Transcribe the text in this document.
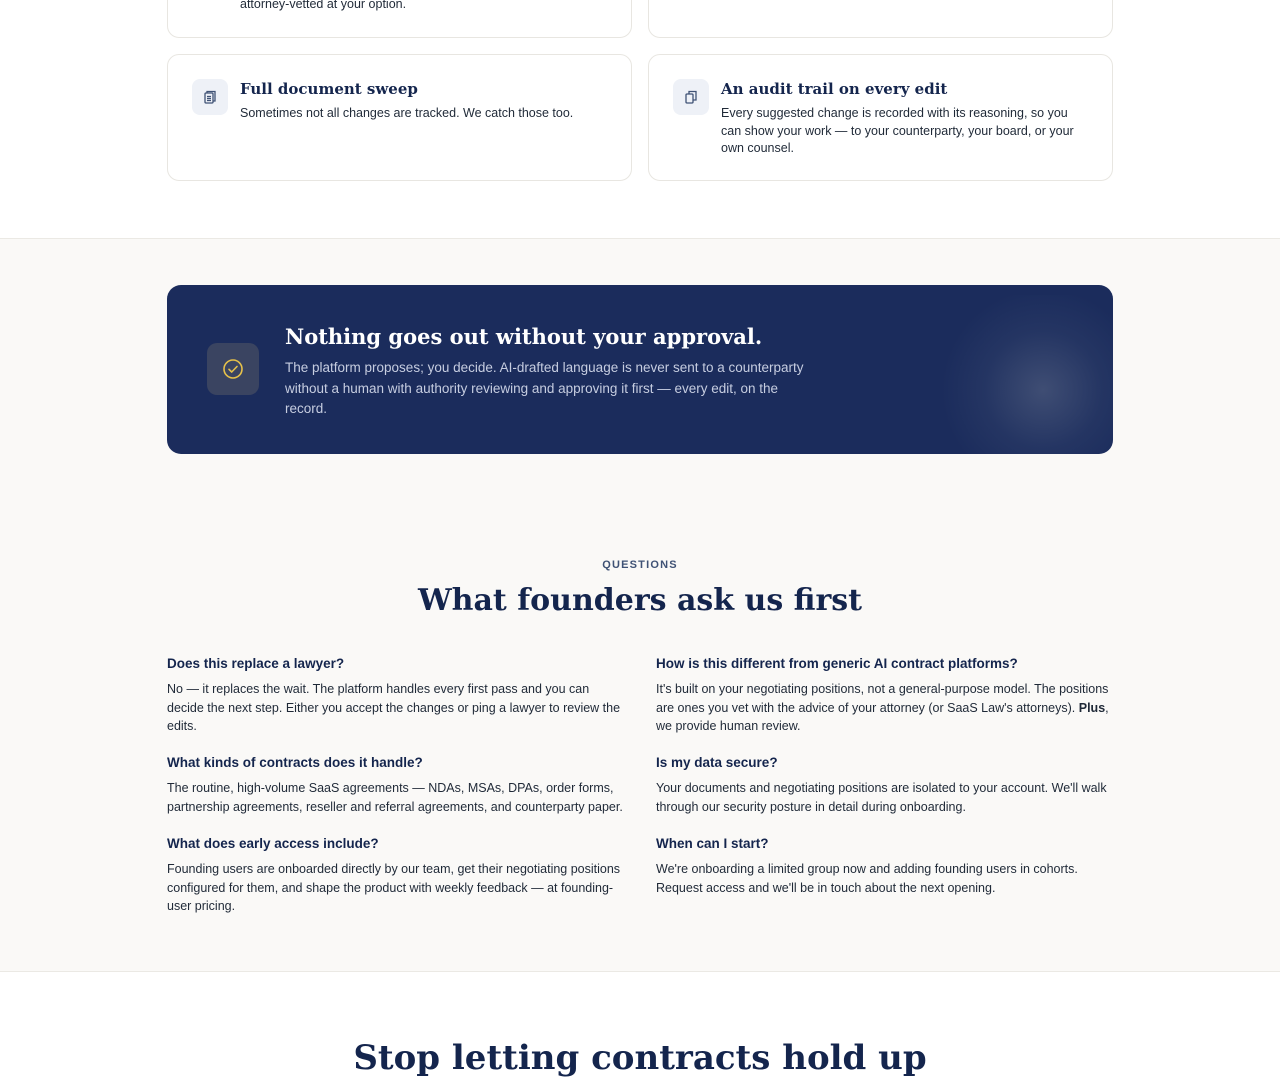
attorney-vetted at your option.
Full document sweep
Sometimes not all changes are tracked. We catch those too.
An audit trail on every edit
Every suggested change is recorded with its reasoning, so you can show your work — to your counterparty, your board, or your own counsel.
Nothing goes out without your approval.
The platform proposes; you decide. AI-drafted language is never sent to a counterparty without a human with authority reviewing and approving it first — every edit, on the record.
QUESTIONS
What founders ask us first
Does this replace a lawyer?
No — it replaces the wait. The platform handles every first pass and you can decide the next step. Either you accept the changes or ping a lawyer to review the edits.
How is this different from generic AI contract platforms?
It's built on your negotiating positions, not a general-purpose model. The positions are ones you vet with the advice of your attorney (or SaaS Law's attorneys). Plus, we provide human review.
What kinds of contracts does it handle?
The routine, high-volume SaaS agreements — NDAs, MSAs, DPAs, order forms, partnership agreements, reseller and referral agreements, and counterparty paper.
Is my data secure?
Your documents and negotiating positions are isolated to your account. We'll walk through our security posture in detail during onboarding.
What does early access include?
Founding users are onboarded directly by our team, get their negotiating positions configured for them, and shape the product with weekly feedback — at founding-user pricing.
When can I start?
We're onboarding a limited group now and adding founding users in cohorts. Request access and we'll be in touch about the next opening.
Stop letting contracts hold up
